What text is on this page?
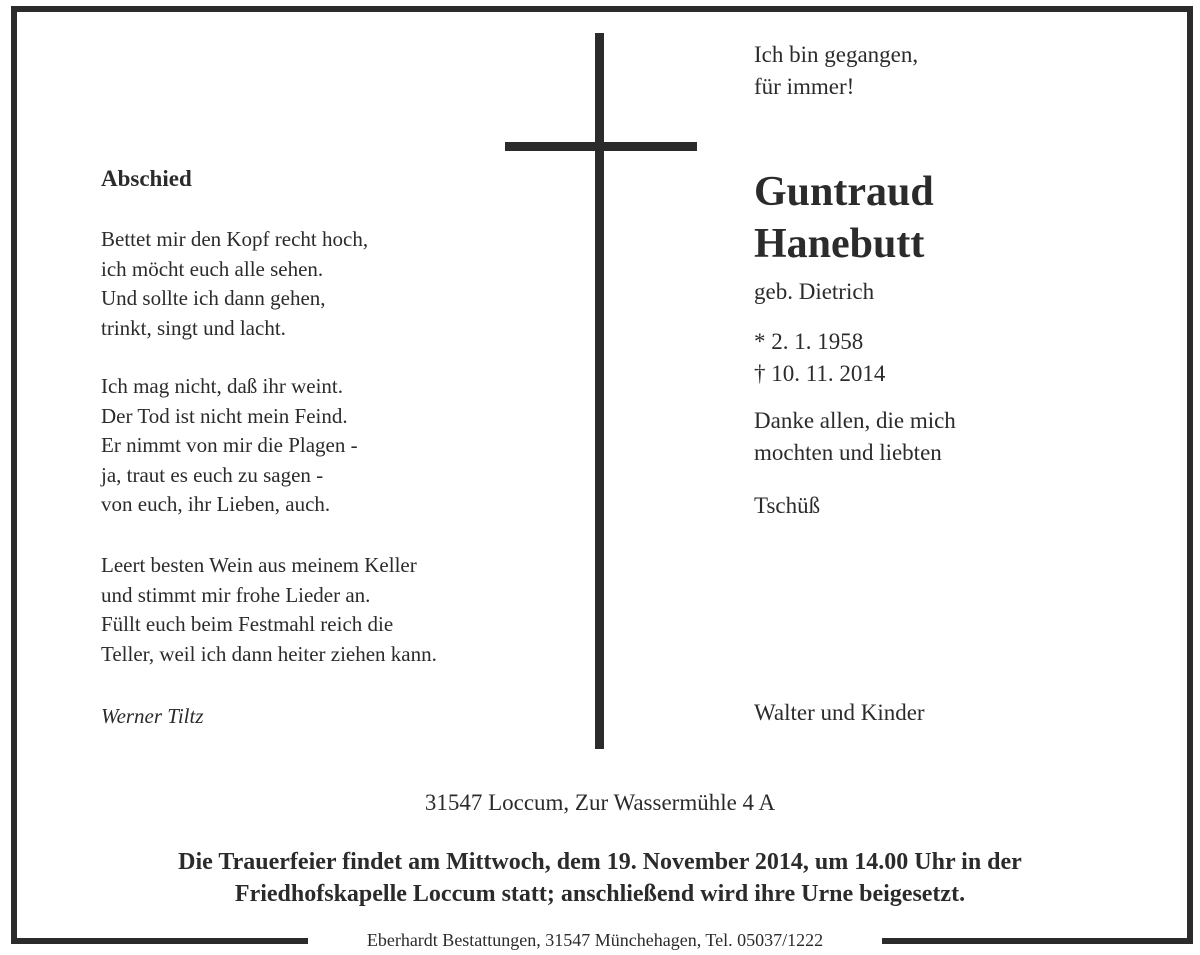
Abschied
Bettet mir den Kopf recht hoch,
ich möcht euch alle sehen.
Und sollte ich dann gehen,
trinkt, singt und lacht.
Ich mag nicht, daß ihr weint.
Der Tod ist nicht mein Feind.
Er nimmt von mir die Plagen -
ja, traut es euch zu sagen -
von euch, ihr Lieben, auch.
Leert besten Wein aus meinem Keller
und stimmt mir frohe Lieder an.
Füllt euch beim Festmahl reich die
Teller, weil ich dann heiter ziehen kann.
Werner Tiltz
Ich bin gegangen,
für immer!
Guntraud
Hanebutt
geb. Dietrich
* 2. 1. 1958
† 10. 11. 2014
Danke allen, die mich
mochten und liebten
Tschüß
Walter und Kinder
31547 Loccum, Zur Wassermühle 4 A
Die Trauerfeier findet am Mittwoch, dem 19. November 2014, um 14.00 Uhr in der
Friedhofskapelle Loccum statt; anschließend wird ihre Urne beigesetzt.
Eberhardt Bestattungen, 31547 Münchehagen, Tel. 05037/1222
